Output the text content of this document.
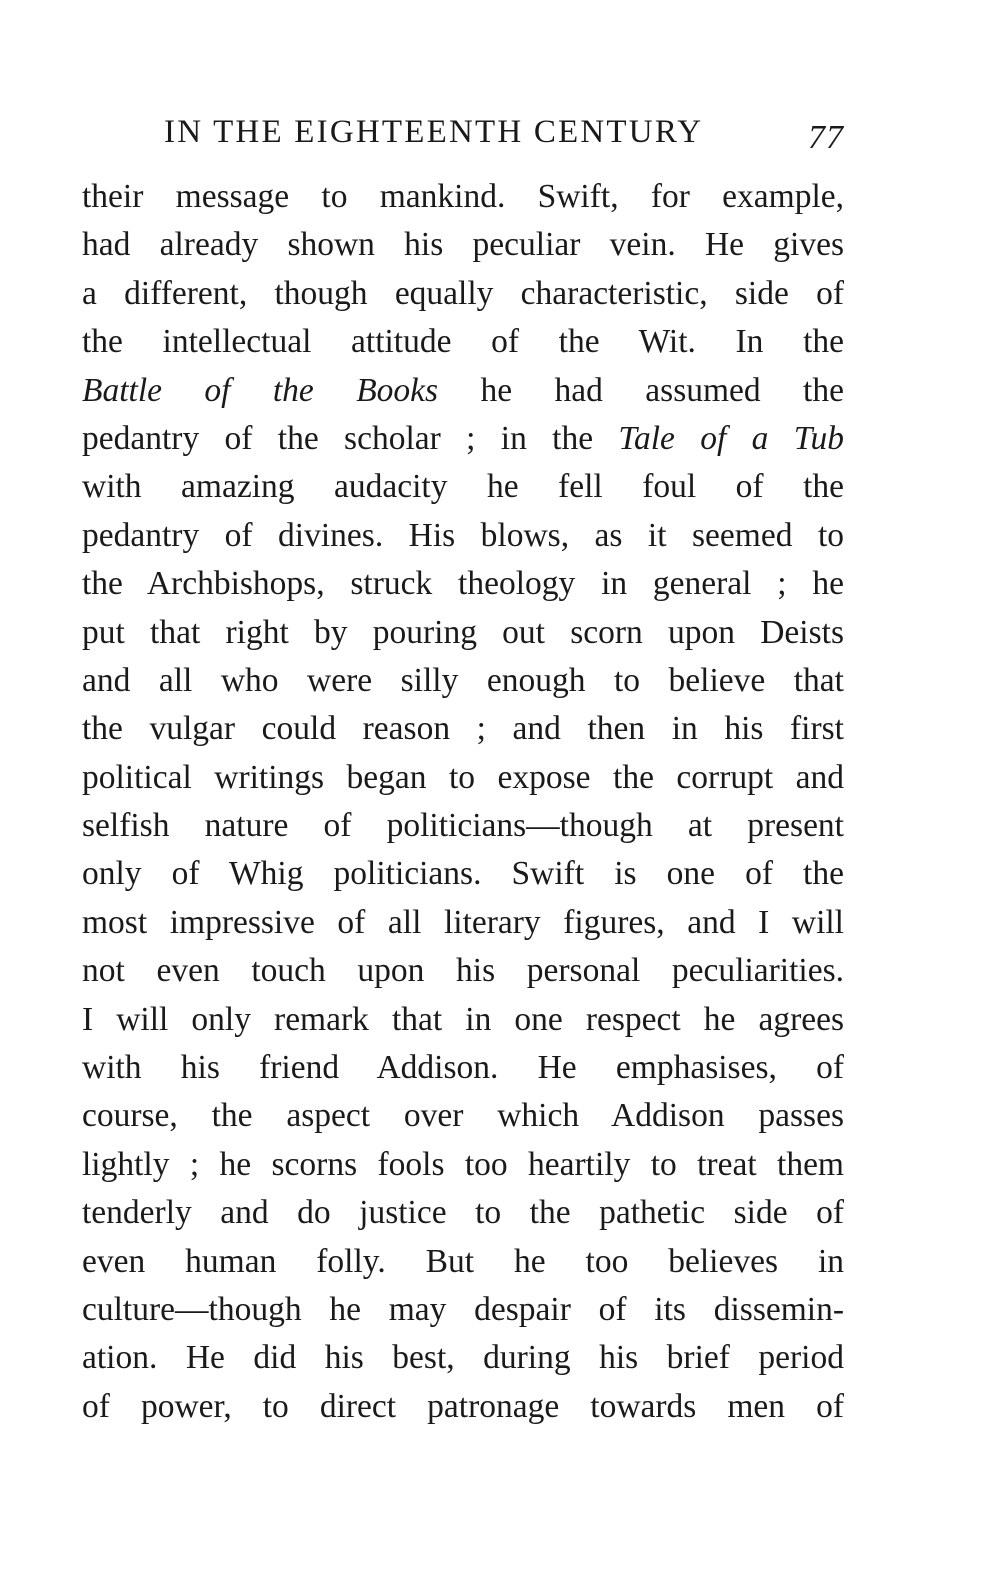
IN THE EIGHTEENTH CENTURY	77
their message to mankind. Swift, for example,
had already shown his peculiar vein. He gives
a different, though equally characteristic, side of
the intellectual attitude of the Wit. In the
Battle of the Books he had assumed the
pedantry of the scholar ; in the Tale of a Tub
with amazing audacity he fell foul of the
pedantry of divines. His blows, as it seemed to
the Archbishops, struck theology in general ; he
put that right by pouring out scorn upon Deists
and all who were silly enough to believe that
the vulgar could reason ; and then in his first
political writings began to expose the corrupt and
selfish nature of politicians—though at present
only of Whig politicians. Swift is one of the
most impressive of all literary figures, and I will
not even touch upon his personal peculiarities.
I will only remark that in one respect he agrees
with his friend Addison. He emphasises, of
course, the aspect over which Addison passes
lightly ; he scorns fools too heartily to treat them
tenderly and do justice to the pathetic side of
even human folly. But he too believes in
culture—though he may despair of its dissemin-
ation. He did his best, during his brief period
of power, to direct patronage towards men of
